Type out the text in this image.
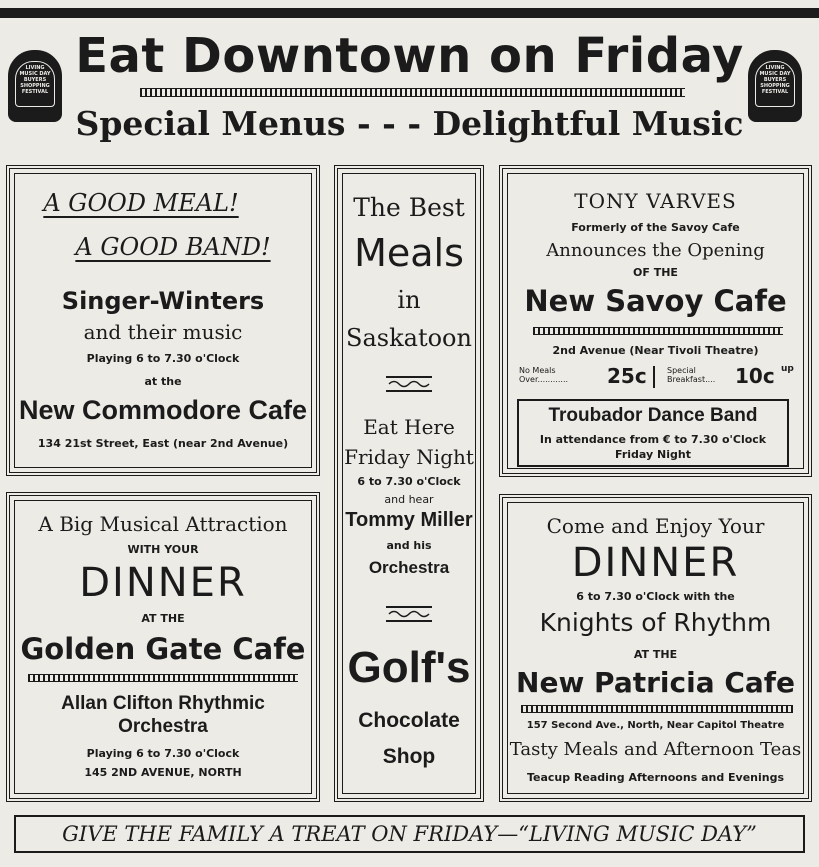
LIVING MUSIC DAY BUYERS SHOPPING FESTIVAL
LIVING MUSIC DAY BUYERS SHOPPING FESTIVAL
Eat Downtown on Friday
Special Menus - - - Delightful Music
A GOOD MEAL!
A GOOD BAND!
Singer-Winters
and their music
Playing 6 to 7.30 o'Clock
at the
New Commodore Cafe
134 21st Street, East (near 2nd Avenue)
A Big Musical Attraction
WITH YOUR
DINNER
AT THE
Golden Gate Cafe
Allan Clifton Rhythmic
Orchestra
Playing 6 to 7.30 o'Clock
145 2ND AVENUE, NORTH
The Best
Meals
in
Saskatoon
Eat Here
Friday Night
6 to 7.30 o'Clock
and hear
Tommy Miller
and his
Orchestra
Golf's
Chocolate
Shop
TONY VARVES
Formerly of the Savoy Cafe
Announces the Opening
OF THE
New Savoy Cafe
2nd Avenue (Near Tivoli Theatre)
No Meals
Over............ 25c	Special
Breakfast.... 10c up
Troubador Dance Band
In attendance from € to 7.30 o'Clock
Friday Night
Come and Enjoy Your
DINNER
6 to 7.30 o'Clock with the
Knights of Rhythm
AT THE
New Patricia Cafe
157 Second Ave., North, Near Capitol Theatre
Tasty Meals and Afternoon Teas
Teacup Reading Afternoons and Evenings
GIVE THE FAMILY A TREAT ON FRIDAY—“LIVING MUSIC DAY”
